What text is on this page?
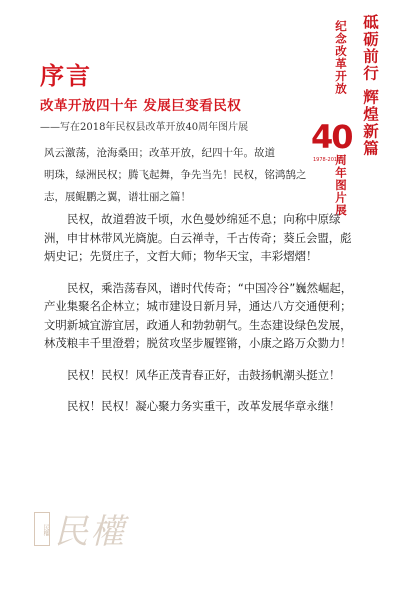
序言
改革开放四十年 发展巨变看民权
——写在2018年民权县改革开放40周年图片展	砥砺前行 辉煌新篇
纪念改革开放
40
1978-2018
周年图片展
风云激荡，沧海桑田；改革开放，纪四十年。故道
明珠，绿洲民权；腾飞起舞，争先当先！民权，铭鸿鹄之
志，展鲲鹏之翼，谱壮丽之篇！

民权，故道碧波千顷，水色曼妙绵延不息；向称中原绿洲，申甘林带风光旖旎。白云禅寺，千古传奇；葵丘会盟，彪炳史记；先贤庄子，文哲大师；物华天宝，丰彩熠熠！

民权，乘浩荡春风，谱时代传奇；“中国冷谷”巍然崛起，产业集聚名企林立；城市建设日新月异，通达八方交通便利；文明新城宜游宜居，政通人和勃勃朝气。生态建设绿色发展，林茂粮丰千里澄碧；脱贫攻坚步履铿锵，小康之路万众勠力！

民权！民权！风华正茂青春正好，击鼓扬帆潮头挺立！

民权！民权！凝心聚力务实重干，改革发展华章永继！

民權 民權
